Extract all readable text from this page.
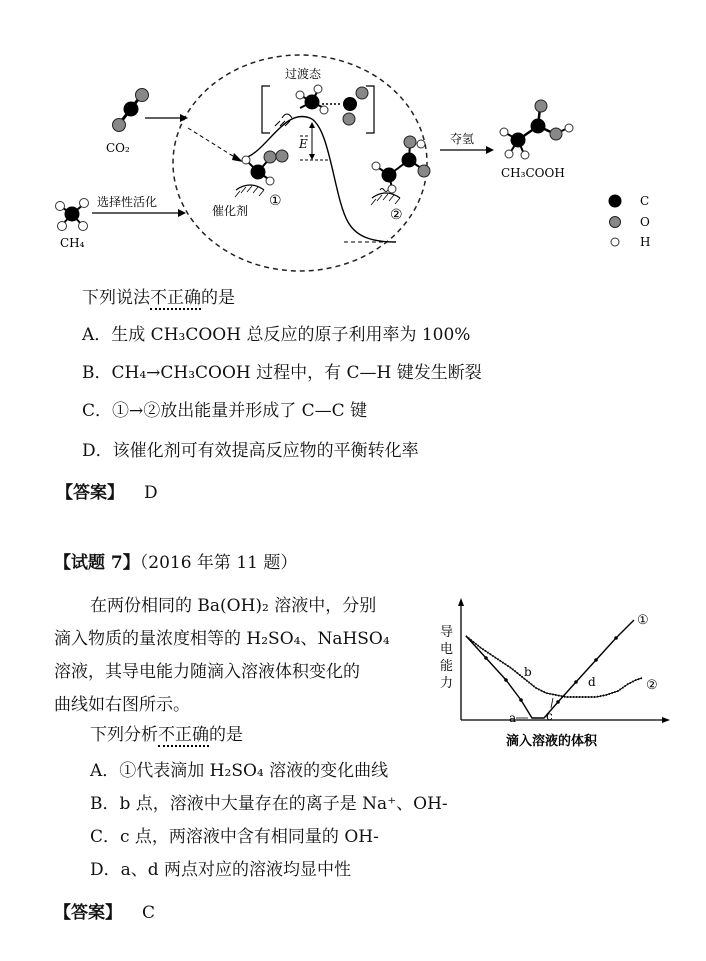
CO₂
CH₄
选择性活化
过渡态
E
催化剂
①
②
夺氢
CH₃COOH
C
O
H
下列说法不正确的是
A．生成 CH₃COOH 总反应的原子利用率为 100%
B．CH₄→CH₃COOH 过程中，有 C—H 键发生断裂
C．①→②放出能量并形成了 C—C 键
D．该催化剂可有效提高反应物的平衡转化率
【答案】 D
【试题 7】（2016 年第 11 题）
在两份相同的 Ba(OH)₂ 溶液中，分别
滴入物质的量浓度相等的 H₂SO₄、NaHSO₄
溶液，其导电能力随滴入溶液体积变化的
曲线如右图所示。
下列分析不正确的是
A．①代表滴加 H₂SO₄ 溶液的变化曲线
B．b 点，溶液中大量存在的离子是 Na⁺、OH-
C．c 点，两溶液中含有相同量的 OH-
D．a、d 两点对应的溶液均显中性
【答案】 C
导
电
能
力
滴入溶液的体积
①
②
a
b
c
d
